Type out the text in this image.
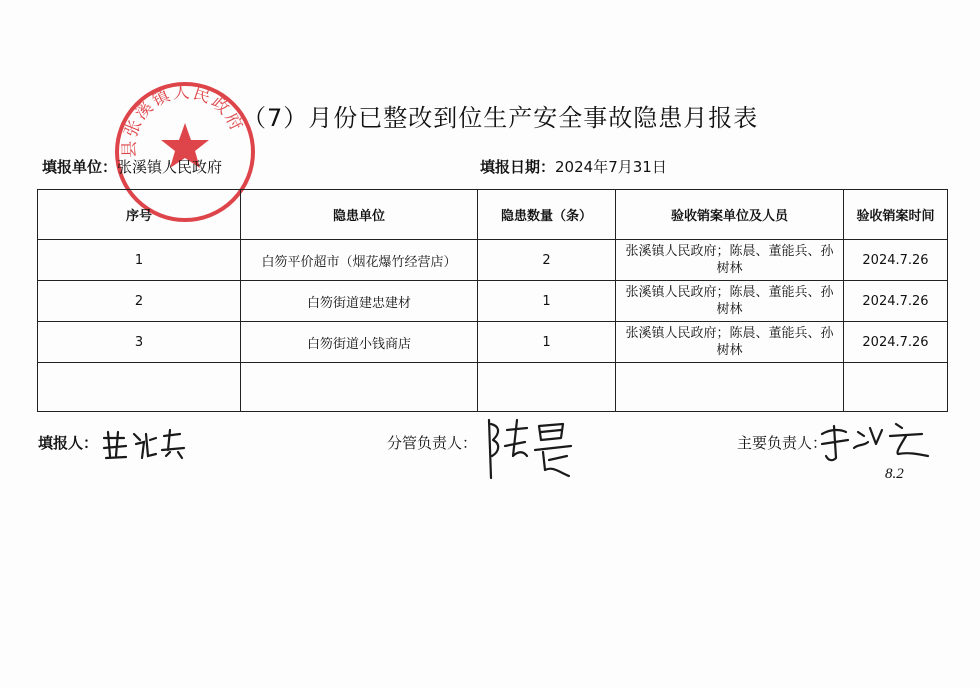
县张溪镇人民政府
（7）月份已整改到位生产安全事故隐患月报表
填报单位：张溪镇人民政府	填报日期：2024年7月31日
序号	隐患单位	隐患数量（条）	验收销案单位及人员	验收销案时间
1	白笏平价超市（烟花爆竹经营店）	2	张溪镇人民政府；陈晨、董能兵、孙树林	2024.7.26
2	白笏街道建忠建材	1	张溪镇人民政府；陈晨、董能兵、孙树林	2024.7.26
3	白笏街道小钱商店	1	张溪镇人民政府；陈晨、董能兵、孙树林	2024.7.26

填报人：	分管负责人：	主要负责人：
8.2
